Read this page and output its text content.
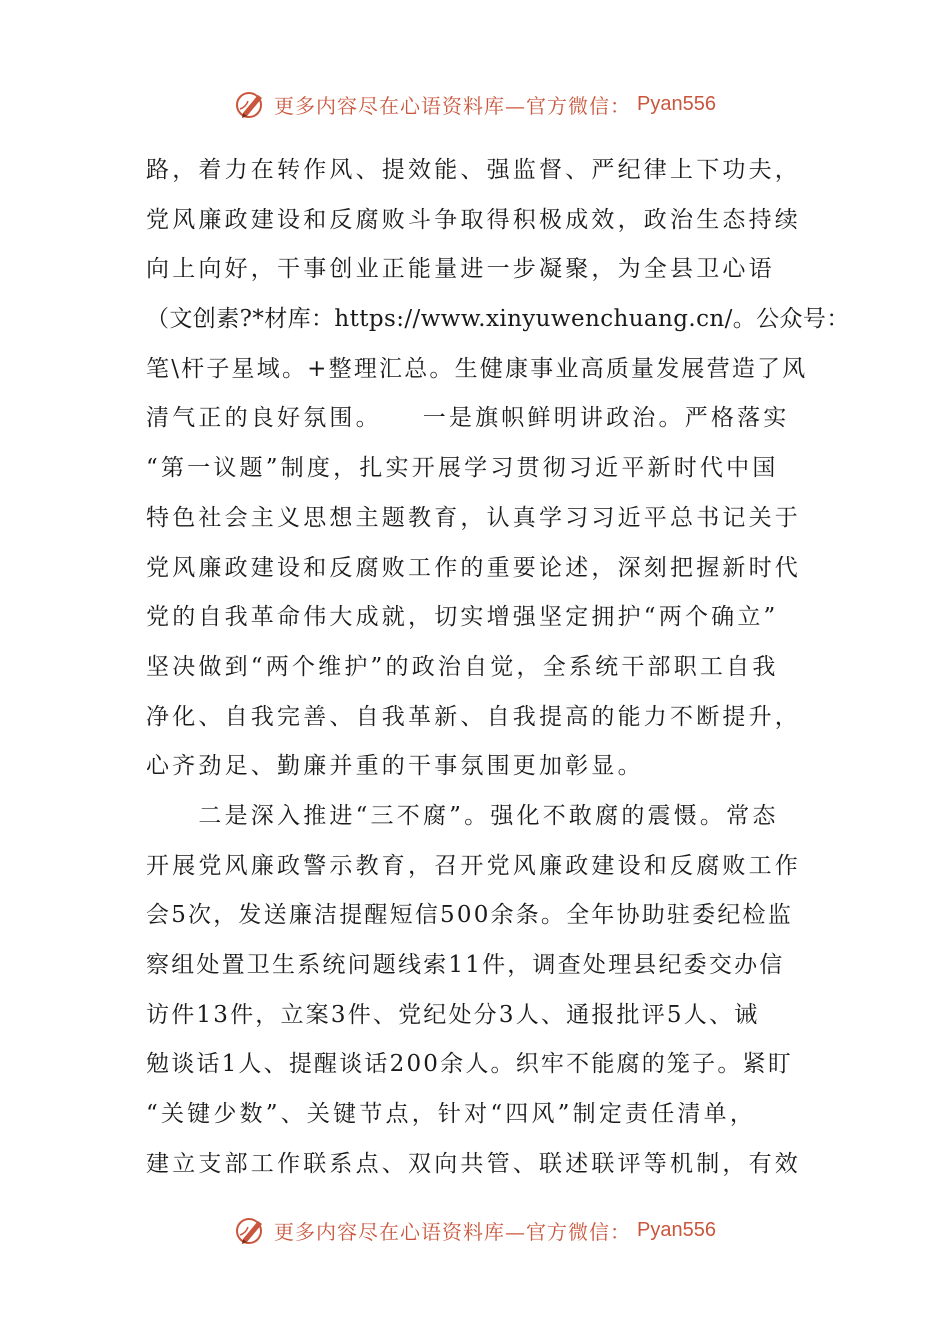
更多内容尽在心语资料库—官方微信： Pyan556
路，着力在转作风、提效能、强监督、严纪律上下功夫，
党风廉政建设和反腐败斗争取得积极成效，政治生态持续
向上向好，干事创业正能量进一步凝聚，为全县卫心语
（文创素?*材库：https://www.xinyuwenchuang.cn/。公众号：
笔\杆子星域。+整理汇总。生健康事业高质量发展营造了风
清气正的良好氛围。　　一是旗帜鲜明讲政治。严格落实
“第一议题”制度，扎实开展学习贯彻习近平新时代中国
特色社会主义思想主题教育，认真学习习近平总书记关于
党风廉政建设和反腐败工作的重要论述，深刻把握新时代
党的自我革命伟大成就，切实增强坚定拥护“两个确立”
坚决做到“两个维护”的政治自觉，全系统干部职工自我
净化、自我完善、自我革新、自我提高的能力不断提升，
心齐劲足、勤廉并重的干事氛围更加彰显。
　　二是深入推进“三不腐”。强化不敢腐的震慑。常态
开展党风廉政警示教育，召开党风廉政建设和反腐败工作
会5次，发送廉洁提醒短信500余条。全年协助驻委纪检监
察组处置卫生系统问题线索11件，调查处理县纪委交办信
访件13件，立案3件、党纪处分3人、通报批评5人、诫
勉谈话1人、提醒谈话200余人。织牢不能腐的笼子。紧盯
“关键少数”、关键节点，针对“四风”制定责任清单，
建立支部工作联系点、双向共管、联述联评等机制，有效
更多内容尽在心语资料库—官方微信： Pyan556
